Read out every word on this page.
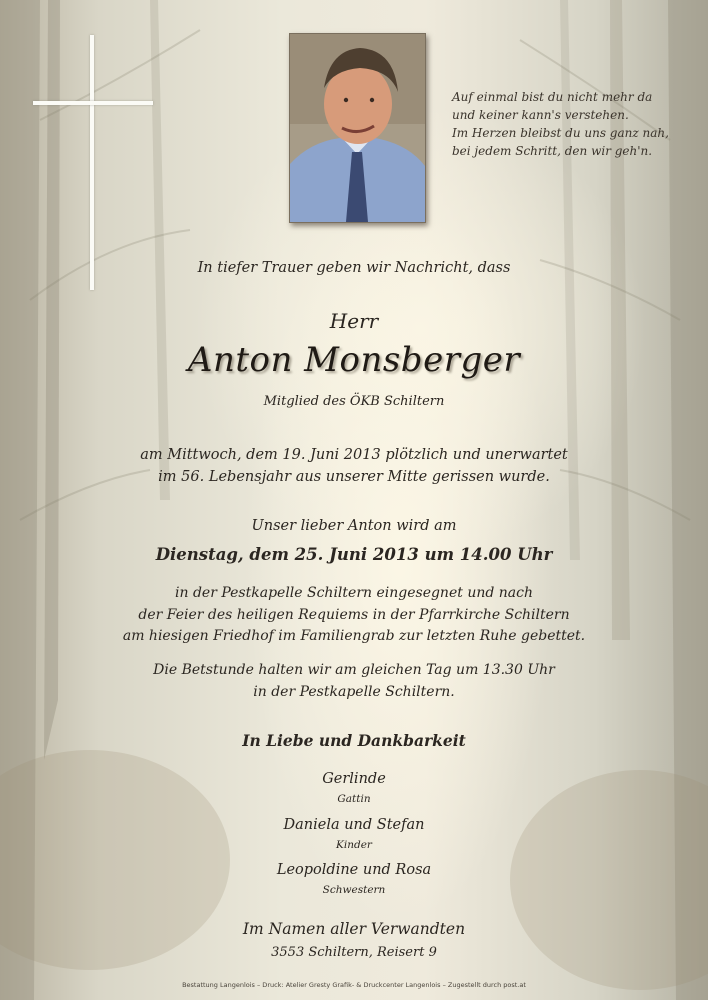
Auf einmal bist du nicht mehr da
und keiner kann's verstehen.
Im Herzen bleibst du uns ganz nah,
bei jedem Schritt, den wir geh'n.
In tiefer Trauer geben wir Nachricht, dass
Herr
Anton Monsberger
Mitglied des ÖKB Schiltern
am Mittwoch, dem 19. Juni 2013 plötzlich und unerwartet
im 56. Lebensjahr aus unserer Mitte gerissen wurde.
Unser lieber Anton wird am
Dienstag, dem 25. Juni 2013 um 14.00 Uhr
in der Pestkapelle Schiltern eingesegnet und nach
der Feier des heiligen Requiems in der Pfarrkirche Schiltern
am hiesigen Friedhof im Familiengrab zur letzten Ruhe gebettet.
Die Betstunde halten wir am gleichen Tag um 13.30 Uhr
in der Pestkapelle Schiltern.
In Liebe und Dankbarkeit
Gerlinde
Gattin
Daniela und Stefan
Kinder
Leopoldine und Rosa
Schwestern
Im Namen aller Verwandten
3553 Schiltern, Reisert 9
Bestattung Langenlois – Druck: Atelier Gresty Grafik- & Druckcenter Langenlois – Zugestellt durch post.at
